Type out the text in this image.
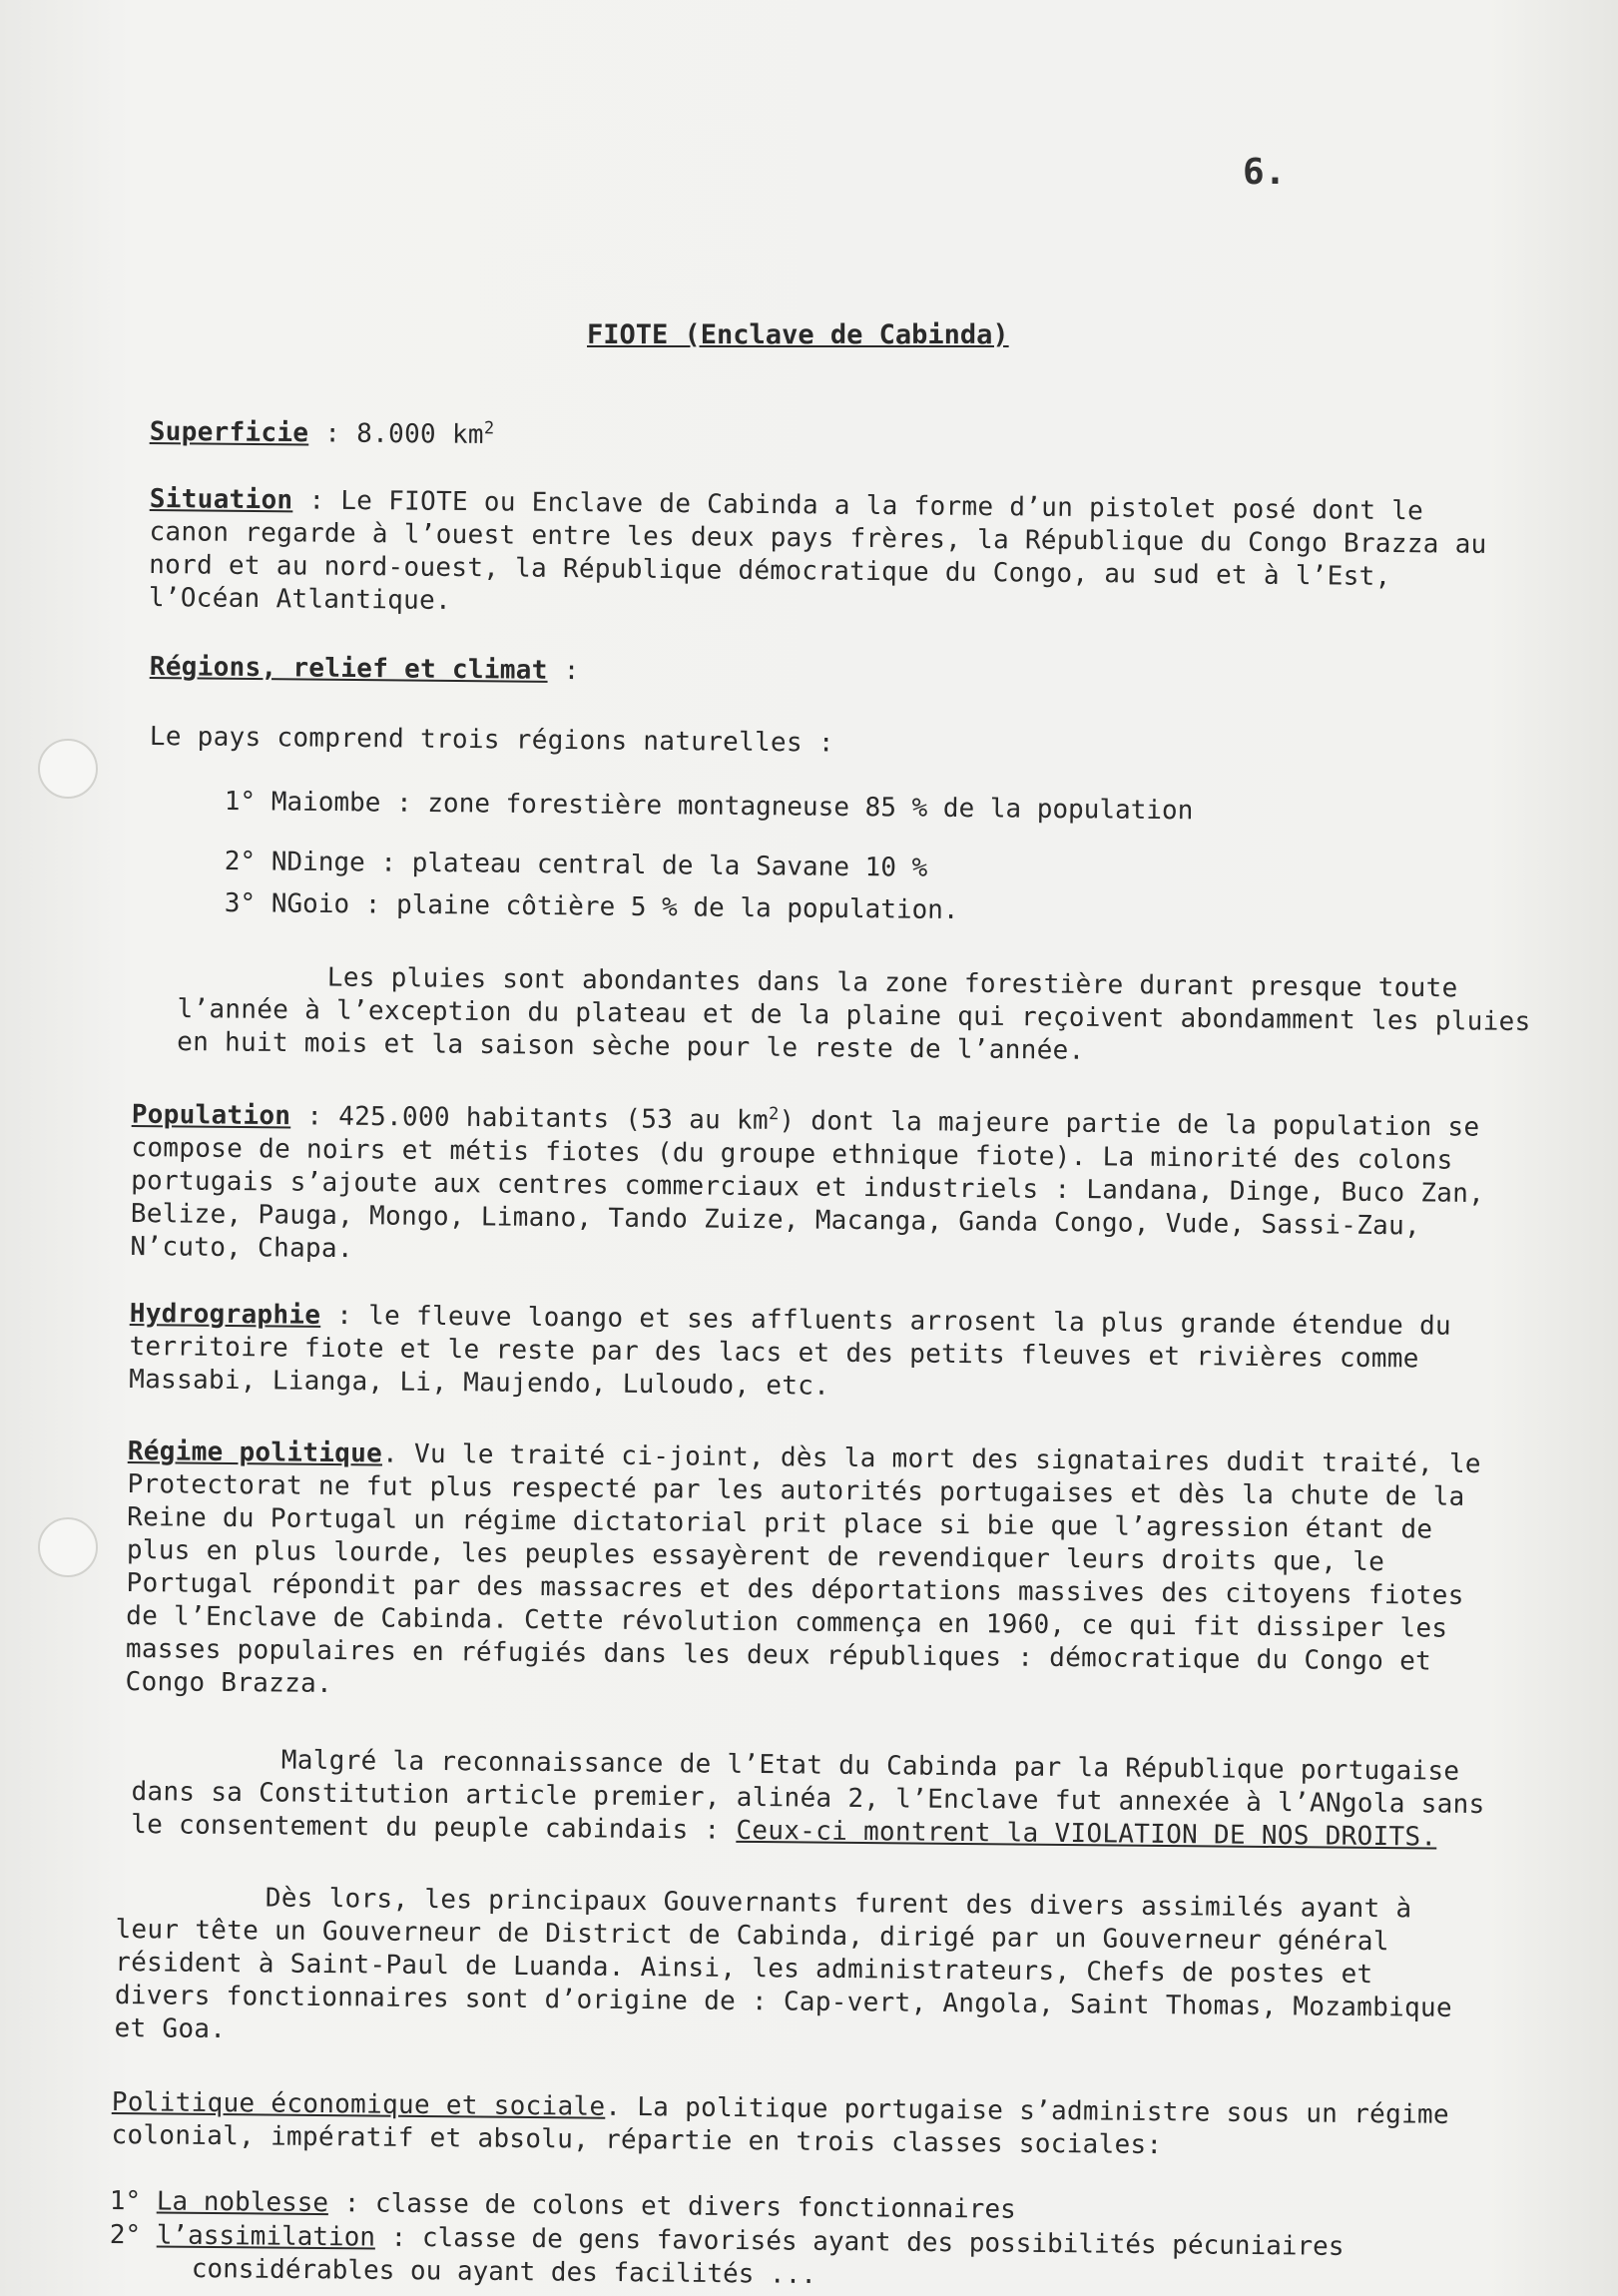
6.
FIOTE (Enclave de Cabinda)
Superficie : 8.000 $km^2$
Situation : Le FIOTE ou Enclave de Cabinda a la forme d’un pistolet posé dont le canon regarde à l’ouest entre les deux pays frères, la République du Congo Brazza au nord et au nord-ouest, la République démocratique du Congo, au sud et à l’Est, l’Océan Atlantique.
Régions, relief et climat :
Le pays comprend trois régions naturelles :
1° Maiombe : zone forestière montagneuse 85 % de la population
2° NDinge : plateau central de la Savane 10 %
3° NGoio : plaine côtière 5 % de la population.
Les pluies sont abondantes dans la zone forestière durant presque toute l’année à l’exception du plateau et de la plaine qui reçoivent abondamment les pluies en huit mois et la saison sèche pour le reste de l’année.
Population : 425.000 habitants (53 au $km^2$) dont la majeure partie de la population se compose de noirs et métis fiotes (du groupe ethnique fiote). La minorité des colons portugais s’ajoute aux centres commerciaux et industriels : Landana, Dinge, Buco Zan, Belize, Pauga, Mongo, Limano, Tando Zuize, Macanga, Ganda Congo, Vude, Sassi-Zau, N’cuto, Chapa.
Hydrographie : le fleuve loango et ses affluents arrosent la plus grande étendue du territoire fiote et le reste par des lacs et des petits fleuves et rivières comme Massabi, Lianga, Li, Maujendo, Luloudo, etc.
Régime politique. Vu le traité ci-joint, dès la mort des signataires dudit traité, le Protectorat ne fut plus respecté par les autorités portugaises et dès la chute de la Reine du Portugal un régime dictatorial prit place si bie que l’agression étant de plus en plus lourde, les peuples essayèrent de revendiquer leurs droits que, le Portugal répondit par des massacres et des déportations massives des citoyens fiotes de l’Enclave de Cabinda. Cette révolution commença en 1960, ce qui fit dissiper les masses populaires en réfugiés dans les deux républiques : démocratique du Congo et Congo Brazza.
Malgré la reconnaissance de l’Etat du Cabinda par la République portugaise dans sa Constitution article premier, alinéa 2, l’Enclave fut annexée à l’ANgola sans le consentement du peuple cabindais : Ceux-ci montrent la VIOLATION DE NOS DROITS.
Dès lors, les principaux Gouvernants furent des divers assimilés ayant à leur tête un Gouverneur de District de Cabinda, dirigé par un Gouverneur général résident à Saint-Paul de Luanda. Ainsi, les administrateurs, Chefs de postes et divers fonctionnaires sont d’origine de : Cap-vert, Angola, Saint Thomas, Mozambique et Goa.
Politique économique et sociale. La politique portugaise s’administre sous un régime colonial, impératif et absolu, répartie en trois classes sociales:
1° La noblesse : classe de colons et divers fonctionnaires
2° l’assimilation : classe de gens favorisés ayant des possibilités pécuniaires
considérables ou ayant des facilités ...
